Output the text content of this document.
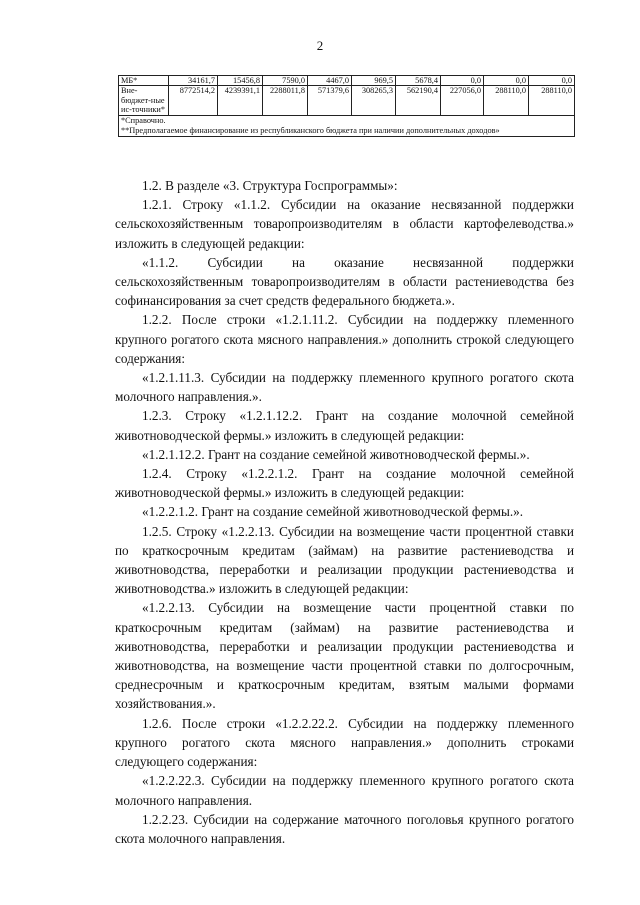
2
МБ*	34161,7	15456,8	7590,0	4467,0	969,5	5678,4	0,0	0,0	0,0
Вне-бюджет-ные ис-точники*	8772514,2	4239391,1	2288011,8	571379,6	308265,3	562190,4	227056,0	288110,0	288110,0

*Справочно.
**Предполагаемое финансирование из республиканского бюджета при наличии дополнительных доходов»									

1.2. В разделе «3. Структура Госпрограммы»:

1.2.1. Строку «1.1.2. Субсидии на оказание несвязанной поддержки сельскохозяйственным товаропроизводителям в области картофелеводства.» изложить в следующей редакции:

«1.1.2. Субсидии на оказание несвязанной поддержки сельскохозяйственным товаропроизводителям в области растениеводства без софинансирования за счет средств федерального бюджета.».

1.2.2. После строки «1.2.1.11.2. Субсидии на поддержку племенного крупного рогатого скота мясного направления.» дополнить строкой следующего содержания:

«1.2.1.11.3. Субсидии на поддержку племенного крупного рогатого скота молочного направления.».

1.2.3. Строку «1.2.1.12.2. Грант на создание молочной семейной животноводческой фермы.» изложить в следующей редакции:

«1.2.1.12.2. Грант на создание семейной животноводческой фермы.».

1.2.4. Строку «1.2.2.1.2. Грант на создание молочной семейной животноводческой фермы.» изложить в следующей редакции:

«1.2.2.1.2. Грант на создание семейной животноводческой фермы.».

1.2.5. Строку «1.2.2.13. Субсидии на возмещение части процентной ставки по краткосрочным кредитам (займам) на развитие растениеводства и животноводства, переработки и реализации продукции растениеводства и животноводства.» изложить в следующей редакции:

«1.2.2.13. Субсидии на возмещение части процентной ставки по краткосрочным кредитам (займам) на развитие растениеводства и животноводства, переработки и реализации продукции растениеводства и животноводства, на возмещение части процентной ставки по долгосрочным, среднесрочным и краткосрочным кредитам, взятым малыми формами хозяйствования.».

1.2.6. После строки «1.2.2.22.2. Субсидии на поддержку племенного крупного рогатого скота мясного направления.» дополнить строками следующего содержания:

«1.2.2.22.3. Субсидии на поддержку племенного крупного рогатого скота молочного направления.

1.2.2.23. Субсидии на содержание маточного поголовья крупного рогатого скота молочного направления.
